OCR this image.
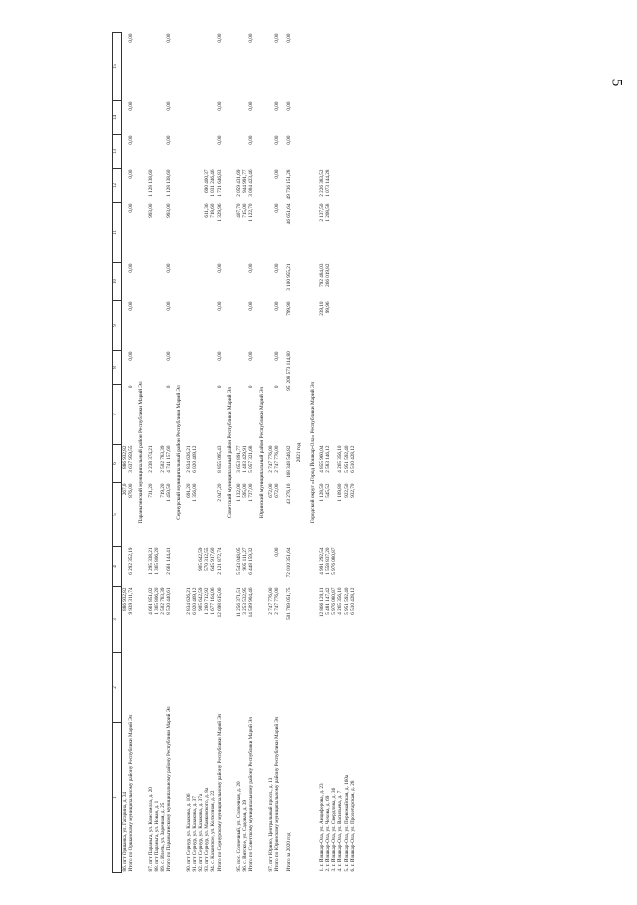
5
1	2	3	4	5	6	7	8	9	10	11	12	13	14	15
86. пгт Оршанка, ул. Гагарина, д. 34		886 932,82		267,0	886 932,82									
Итого по Оршанскому муниципальному району Республики Марий Эл		9 939 311,74	6 292 352,19	876,00	3 637 959,55	0	0,00	0,00	0,00	0,00	0,00	0,00	0,00	0,00
Параньгинский муниципальный район Республики Марий Эл														
87. пгт Параньга, ул. Комсомола, д. 20		4 661 851,02	1 295 338,21	731,20	2 238 374,21					993,00	1 128 138,60			
88. пгт Параньга, ул. Новая, д. 1		1 365 806,20	1 365 806,20											
89. с. Илеть, ул. Заречная, д. 25		2 502 783,39		719,20	2 502 783,39									
Итого по Параньгинскому муниципальному району Республики Марий Эл		8 530 440,61	2 661 144,41	1 450,50	4 741 157,60	0	0,00	0,00	0,00	993,00	1 128 138,60	0,00	0,00	0,00
Сернурский муниципальный район Республики Марий Эл														
90. пгт Сернур, ул. Казакова, д. 106		2 834 626,21		691,20	2 834 626,21									
91. пгт Сернур, ул. Казакова, д. 37		6 020 469,12		1 356,00	6 020 469,12									
92. пгт Сернур, ул. Казакова, д. 37а		905 642,59	905 642,59											
93. пгт Сернур, ул. Маяковского, д. 8а		1 260 712,92	570 312,55							611,36	690 400,37			
94. с. Казанское, ул. Колхозная, д. 22		1 677 164,06	645 917,60							718,60	1 031 246,46			
Итого по Сернурскому муниципальному району Республики Марий Эл		12 698 615,00	2 121 872,74	2 047,20	8 855 095,43	0	0,00	0,00	0,00	1 329,96	1 721 646,83	0,00	0,00	0,00
Советский муниципальный район Республики Марий Эл														
95. пос. Солнечный, ул. Солнечная, д. 20		11 256 371,51	5 543 048,05	1 132,00	3 653 891,77					407,70	2 059 431,69			
96. с. Вятское, ул. Садовая, д. 39		3 253 532,95	905 111,27	595,00	1 403 429,91					715,00	944 991,77			
Итого по Советскому муниципальному району Республики Марий Эл		14 509 904,46	6 448 159,32	1 727,00	5 057 321,68	0	0,00	0,00	0,00	1 122,70	3 004 423,46	0,00	0,00	0,00
Юринский муниципальный район Республики Марий Эл														
97. пгт Юрино, Центральный просп., д. 13		2 747 776,00		672,00	2 747 776,00									
Итого по Юринскому муниципальному району Республики Марий Эл		2 747 776,00	0,00	672,00	2 747 776,00	0	0,00	0,00	0,00	0,00	0,00	0,00	0,00	0,00

Итого за 2020 год		501 769 051,75	72 010 351,64	43 276,10	168 348 546,82	95	208 573 114,80	799,90	3 100 955,21	46 651,64	49 736 151,28	0,00	0,00	0,00
2021 год														
Городской округ «Город Йошкар-Ола» Республики Марий Эл														
1. г. Йошкар-Ола, ул. Анциферова, д. 23		12 866 120,11	4 991 292,54	1 128,50	4 855 960,04			239,10	792 484,03	2 137,50	2 226 383,52			
2. г. Йошкар-Ола, ул. Чехова, д. 69		5 481 147,42	1 558 837,20	545,52	2 583 146,12			99,96	266 019,82	1 208,58	1 073 144,28			
3. г. Йошкар-Ола, ул. Свердлова, д. 36		5 976 080,87	5 976 080,87											
4. г. Йошкар-Ола, ул. Васильева, д. 7		4 265 356,10		1 109,80	4 265 356,10									
5. г. Йошкар-Ола, ул. Первомайская, д. 160а		5 951 592,40		922,50	5 951 592,40									
6. г. Йошкар-Ола, ул. Пролетарская, д. 28		6 510 428,12		932,70	6 510 428,12									
